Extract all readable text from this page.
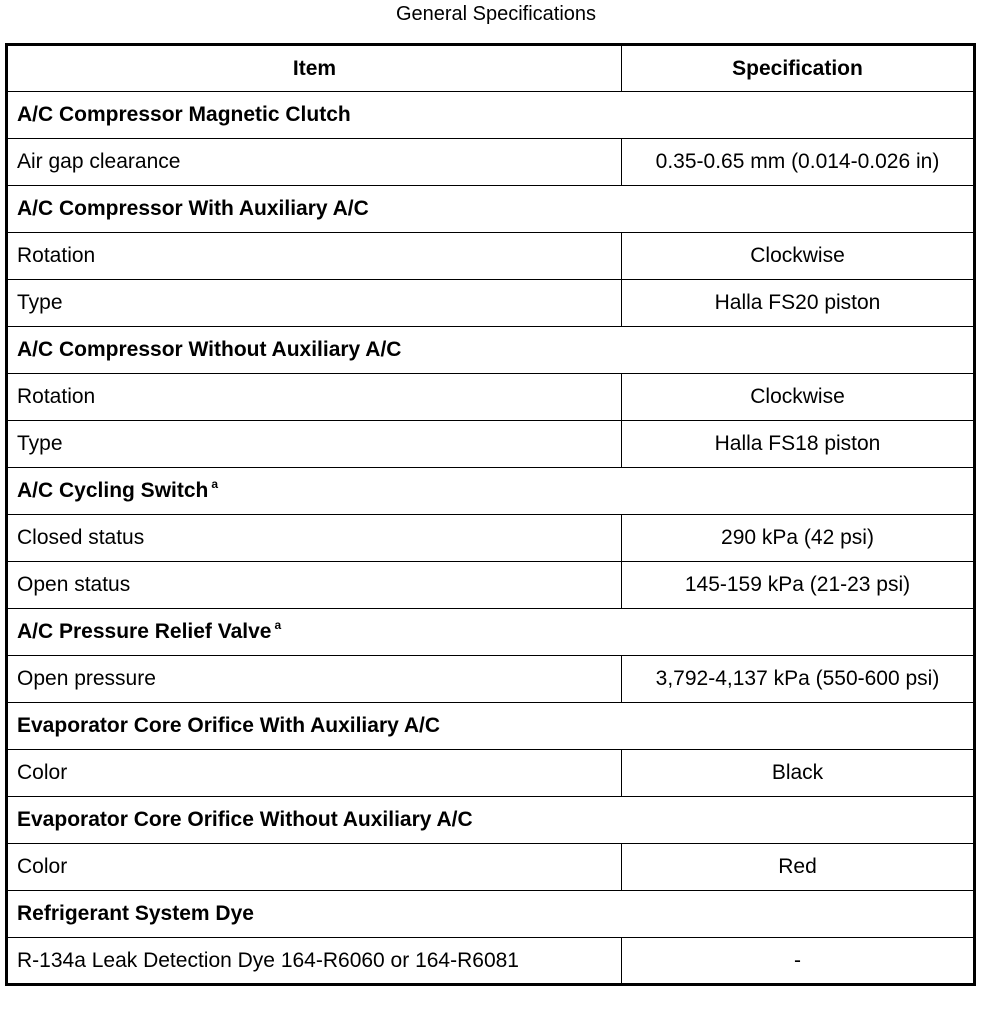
General Specifications
Item	Specification
A/C Compressor Magnetic Clutch	
Air gap clearance	0.35-0.65 mm (0.014-0.026 in)
A/C Compressor With Auxiliary A/C	
Rotation	Clockwise
Type	Halla FS20 piston
A/C Compressor Without Auxiliary A/C	
Rotation	Clockwise
Type	Halla FS18 piston
A/C Cycling Switch $^a$
Closed status	290 kPa (42 psi)
Open status	145-159 kPa (21-23 psi)
A/C Pressure Relief Valve $^a$
Open pressure	3,792-4,137 kPa (550-600 psi)
Evaporator Core Orifice With Auxiliary A/C	
Color	Black
Evaporator Core Orifice Without Auxiliary A/C	
Color	Red
Refrigerant System Dye	
R-134a Leak Detection Dye 164-R6060 or 164-R6081	-
